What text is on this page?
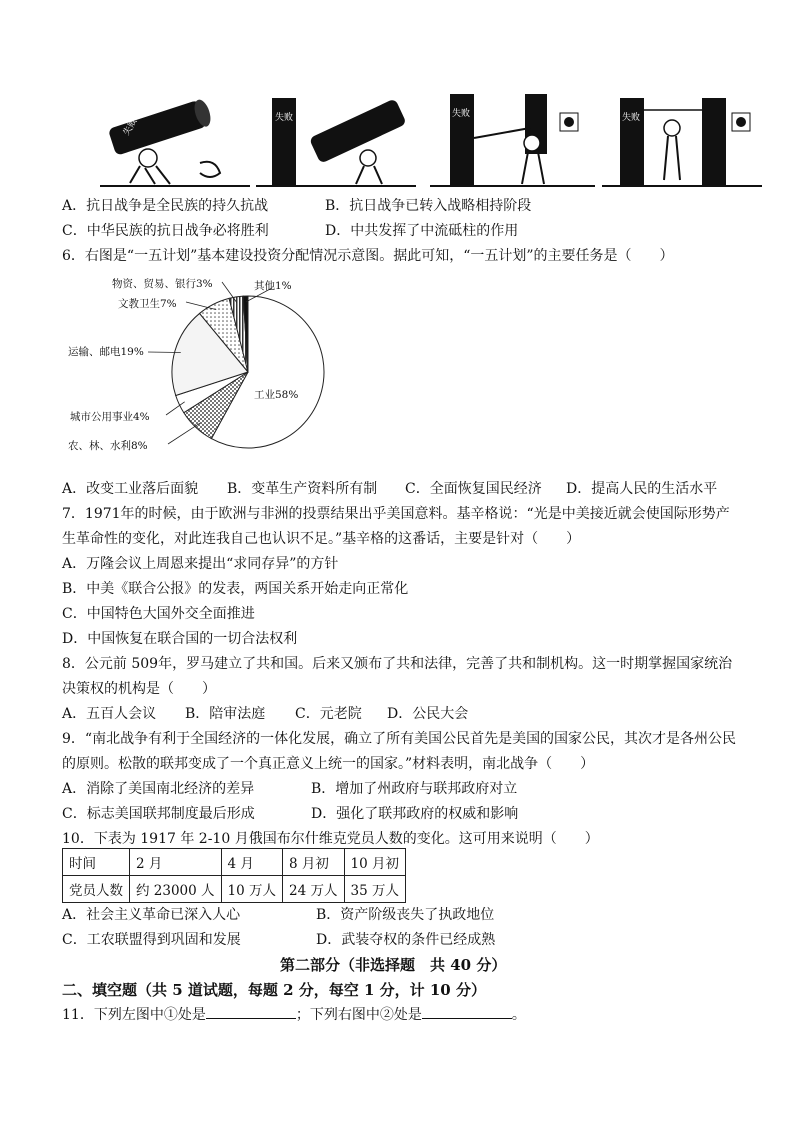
失败	失败	失败	失败
A．抗日战争是全民族的持久抗战	B．抗日战争已转入战略相持阶段
C．中华民族的抗日战争必将胜利	D．中共发挥了中流砥柱的作用
6．右图是“一五计划”基本建设投资分配情况示意图。据此可知，“一五计划”的主要任务是（　　）
工业58%
农、林、水利8%
城市公用事业4%
运输、邮电19%
文教卫生7%
物资、贸易、银行3%	其他1%
A．改变工业落后面貌 B．变革生产资料所有制 C．全面恢复国民经济 D．提高人民的生活水平
7．1971年的时候，由于欧洲与非洲的投票结果出乎美国意料。基辛格说：“光是中美接近就会使国际形势产
生革命性的变化，对此连我自己也认识不足。”基辛格的这番话，主要是针对（　　）
A．万隆会议上周恩来提出“求同存异”的方针
B．中美《联合公报》的发表，两国关系开始走向正常化
C．中国特色大国外交全面推进
D．中国恢复在联合国的一切合法权利
8．公元前 509年，罗马建立了共和国。后来又颁布了共和法律，完善了共和制机构。这一时期掌握国家统治
决策权的机构是（　　）
A．五百人会议 B．陪审法庭 C．元老院 D．公民大会
9．“南北战争有利于全国经济的一体化发展，确立了所有美国公民首先是美国的国家公民，其次才是各州公民
的原则。松散的联邦变成了一个真正意义上统一的国家。”材料表明，南北战争（　　）
A．消除了美国南北经济的差异	B．增加了州政府与联邦政府对立
C．标志美国联邦制度最后形成	D．强化了联邦政府的权威和影响
10．下表为 1917 年 2-10 月俄国布尔什维克党员人数的变化。这可用来说明（　　）
时间	2 月	4 月	8 月初	10 月初
党员人数	约 23000 人	10 万人	24 万人	35 万人
A．社会主义革命已深入人心	B．资产阶级丧失了执政地位
C．工农联盟得到巩固和发展	D．武装夺权的条件已经成熟
第二部分（非选择题　共 40 分）
二、填空题（共 5 道试题，每题 2 分，每空 1 分，计 10 分）
11．下列左图中①处是	；下列右图中②处是	。
